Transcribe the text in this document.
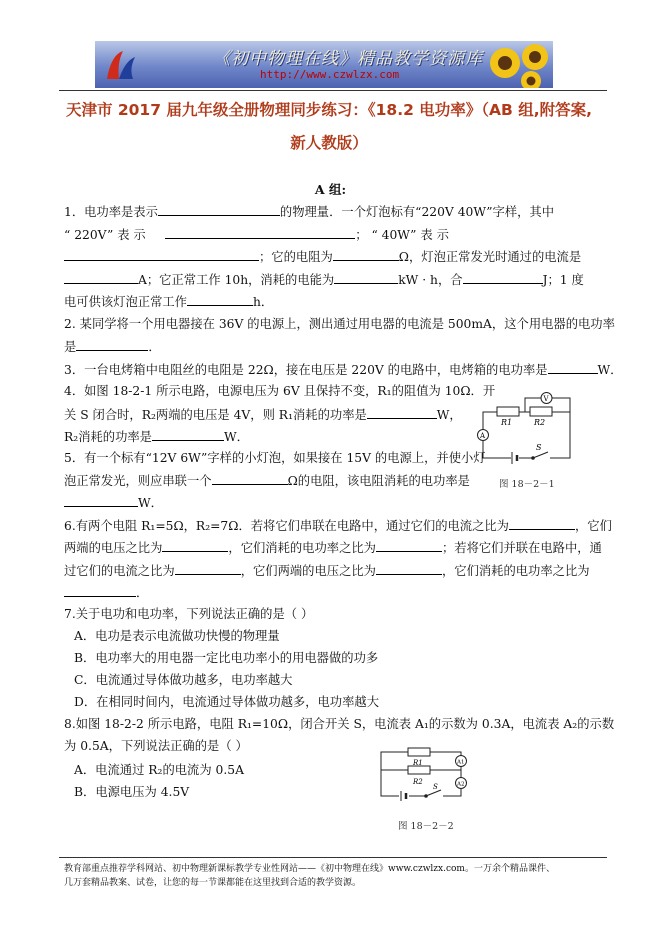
《初中物理在线》精品教学资源库
http://www.czwlzx.com
天津市 2017 届九年级全册物理同步练习：《18.2 电功率》（AB 组,附答案,
新人教版）
A 组:
1．电功率是表示	的物理量．一个灯泡标有“220V 40W”字样，其中
“ 220V” 表 示	； “ 40W” 表 示
；它的电阻为	Ω，灯泡正常发光时通过的电流是
A；它正常工作 10h，消耗的电能为	kW · h，合	J；1 度
电可供该灯泡正常工作	h．
2. 某同学将一个用电器接在 36V 的电源上，测出通过用电器的电流是 500mA，这个用电器的电功率
是	．
3．一台电烤箱中电阻丝的电阻是 22Ω，接在电压是 220V 的电路中，电烤箱的电功率是	W．
4．如图 18-2-1 所示电路，电源电压为 6V 且保持不变，R₁的阻值为 10Ω．开
关 S 闭合时，R₂两端的电压是 4V，则 R₁消耗的功率是	W，
R₂消耗的功率是	W．
R1	R2
V
A
S
图 18－2－1
5．有一个标有“12V 6W”字样的小灯泡，如果接在 15V 的电源上，并使小灯
泡正常发光，则应串联一个	Ω的电阻，该电阻消耗的电功率是
W．
6.有两个电阻 R₁=5Ω，R₂=7Ω．若将它们串联在电路中，通过它们的电流之比为	，它们
两端的电压之比为	，它们消耗的电功率之比为	；若将它们并联在电路中，通
过它们的电流之比为	，它们两端的电压之比为	，它们消耗的电功率之比为
．
7.关于电功和电功率，下列说法正确的是（ ）
A．电功是表示电流做功快慢的物理量
B．电功率大的用电器一定比电功率小的用电器做的功多
C．电流通过导体做功越多，电功率越大
D．在相同时间内，电流通过导体做功越多，电功率越大
8.如图 18-2-2 所示电路，电阻 R₁=10Ω，闭合开关 S，电流表 A₁的示数为 0.3A，电流表 A₂的示数
为 0.5A，下列说法正确的是（ ）
A．电流通过 R₂的电流为 0.5A
B．电源电压为 4.5V
R1
R2
A1
A2
S
图 18－2－2
教育部重点推荐学科网站、初中物理新课标教学专业性网站——《初中物理在线》www.czwlzx.com。一万余个精品课件、
几万套精品教案、试卷，让您的每一节课都能在这里找到合适的教学资源。
